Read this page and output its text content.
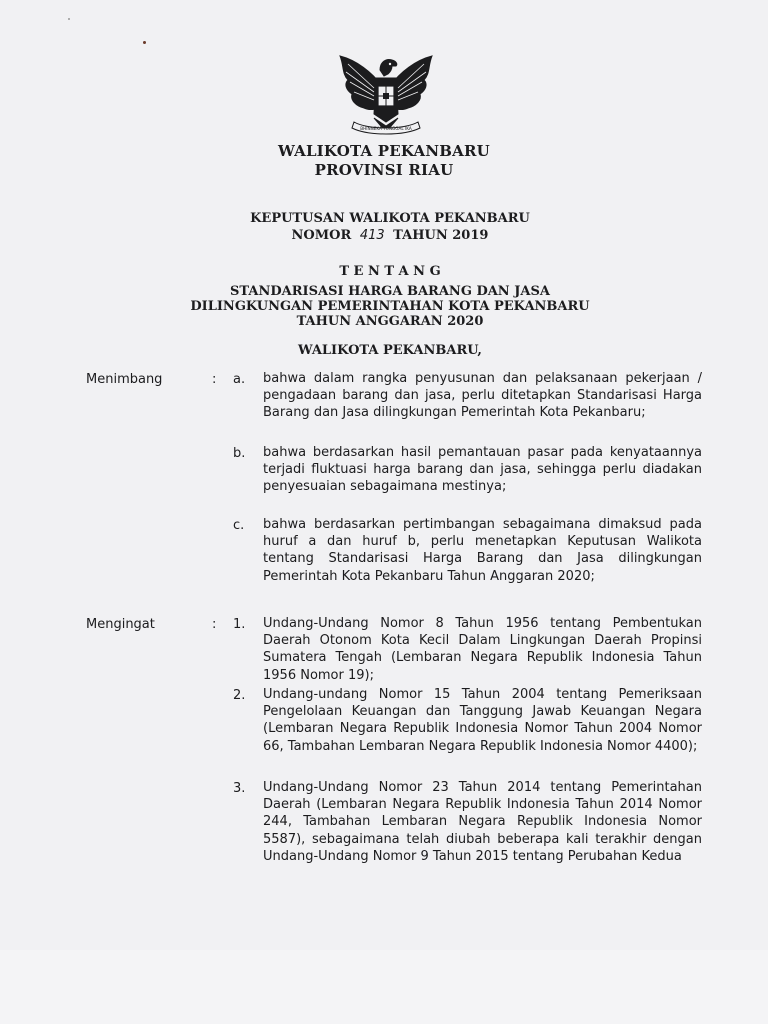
BHINNEKA TUNGGAL IKA
WALIKOTA PEKANBARU
PROVINSI RIAU
KEPUTUSAN WALIKOTA PEKANBARU
NOMOR 413 TAHUN 2019
T E N T A N G
STANDARISASI HARGA BARANG DAN JASA
DILINGKUNGAN PEMERINTAHAN KOTA PEKANBARU
TAHUN ANGGARAN 2020
WALIKOTA PEKANBARU,
Menimbang	: a. bahwa dalam rangka penyusunan dan pelaksanaan pekerjaan / pengadaan barang dan jasa, perlu ditetapkan Standarisasi Harga Barang dan Jasa dilingkungan Pemerintah Kota Pekanbaru;
b. bahwa berdasarkan hasil pemantauan pasar pada kenyataannya terjadi fluktuasi harga barang dan jasa, sehingga perlu diadakan penyesuaian sebagaimana mestinya;
c. bahwa berdasarkan pertimbangan sebagaimana dimaksud pada huruf a dan huruf b, perlu menetapkan Keputusan Walikota tentang Standarisasi Harga Barang dan Jasa dilingkungan Pemerintah Kota Pekanbaru Tahun Anggaran 2020;
Mengingat	: 1. Undang-Undang Nomor 8 Tahun 1956 tentang Pembentukan Daerah Otonom Kota Kecil Dalam Lingkungan Daerah Propinsi Sumatera Tengah (Lembaran Negara Republik Indonesia Tahun 1956 Nomor 19);
2. Undang-undang Nomor 15 Tahun 2004 tentang Pemeriksaan Pengelolaan Keuangan dan Tanggung Jawab Keuangan Negara (Lembaran Negara Republik Indonesia Nomor Tahun 2004 Nomor 66, Tambahan Lembaran Negara Republik Indonesia Nomor 4400);
3. Undang-Undang Nomor 23 Tahun 2014 tentang Pemerintahan Daerah (Lembaran Negara Republik Indonesia Tahun 2014 Nomor 244, Tambahan Lembaran Negara Republik Indonesia Nomor 5587), sebagaimana telah diubah beberapa kali terakhir dengan Undang-Undang Nomor 9 Tahun 2015 tentang Perubahan Kedua
